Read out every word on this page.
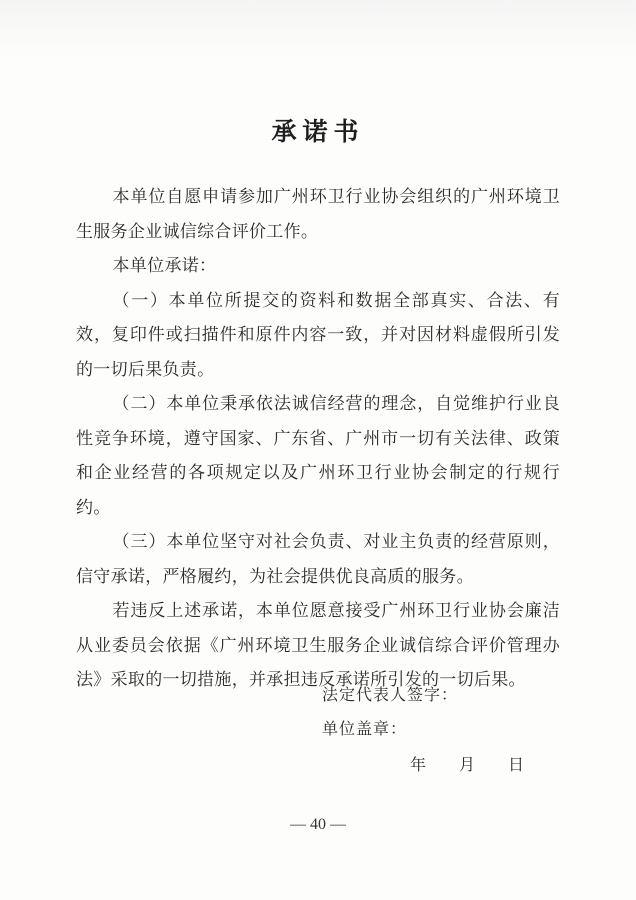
承诺书

本单位自愿申请参加广州环卫行业协会组织的广州环境卫生服务企业诚信综合评价工作。

本单位承诺：

（一）本单位所提交的资料和数据全部真实、合法、有效，复印件或扫描件和原件内容一致，并对因材料虚假所引发的一切后果负责。

（二）本单位秉承依法诚信经营的理念，自觉维护行业良性竞争环境，遵守国家、广东省、广州市一切有关法律、政策和企业经营的各项规定以及广州环卫行业协会制定的行规行约。

（三）本单位坚守对社会负责、对业主负责的经营原则，信守承诺，严格履约，为社会提供优良高质的服务。

若违反上述承诺，本单位愿意接受广州环卫行业协会廉洁从业委员会依据《广州环境卫生服务企业诚信综合评价管理办法》采取的一切措施，并承担违反承诺所引发的一切后果。

法定代表人签字：
单位盖章：
年 月 日
— 40 —
